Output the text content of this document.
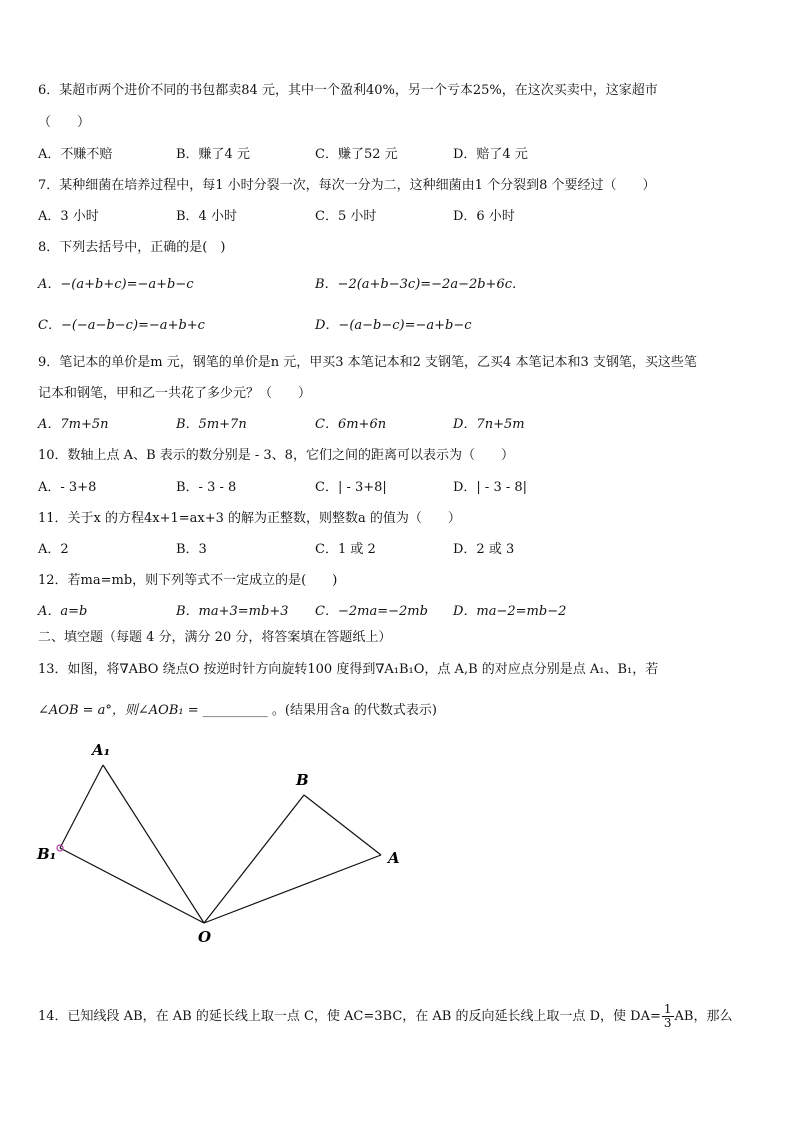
6．某超市两个进价不同的书包都卖84 元，其中一个盈利40%，另一个亏本25%，在这次买卖中，这家超市
（　　）
A．不赚不赔	B．赚了4 元	C．赚了52 元	D．赔了4 元
7．某种细菌在培养过程中，每1 小时分裂一次，每次一分为二，这种细菌由1 个分裂到8 个要经过（　　）
A．3 小时	B．4 小时	C．5 小时	D．6 小时
8．下列去括号中，正确的是(　)
A．−(a+b+c)=−a+b−c	B．−2(a+b−3c)=−2a−2b+6c．
C．−(−a−b−c)=−a+b+c	D．−(a−b−c)=−a+b−c
9．笔记本的单价是m 元，钢笔的单价是n 元，甲买3 本笔记本和2 支钢笔，乙买4 本笔记本和3 支钢笔，买这些笔
记本和钢笔，甲和乙一共花了多少元？（　　）
A．7m+5n	B．5m+7n	C．6m+6n	D．7n+5m
10．数轴上点 A、B 表示的数分别是 - 3、8，它们之间的距离可以表示为（　　）
A．- 3+8	B．- 3 - 8	C．| - 3+8|	D．| - 3 - 8|
11．关于x 的方程4x+1=ax+3 的解为正整数，则整数a 的值为（　　）
A．2	B．3	C．1 或 2	D．2 或 3
12．若ma=mb，则下列等式不一定成立的是(　　)
A．a=b	B．ma+3=mb+3 C．−2ma=−2mb D．ma−2=mb−2
二、填空题（每题 4 分，满分 20 分，将答案填在答题纸上）
13．如图，将∇ABO 绕点O 按逆时针方向旋转100 度得到∇A₁B₁O，点 A,B 的对应点分别是点 A₁、B₁，若
∠AOB = a°，则∠AOB₁ = __________ 。(结果用含a 的代数式表示)
A₁
B₁
B
A
O
14．已知线段 AB，在 AB 的延长线上取一点 C，使 AC=3BC，在 AB 的反向延长线上取一点 D，使 $DA= \frac{1}{3}$ AB，那么
